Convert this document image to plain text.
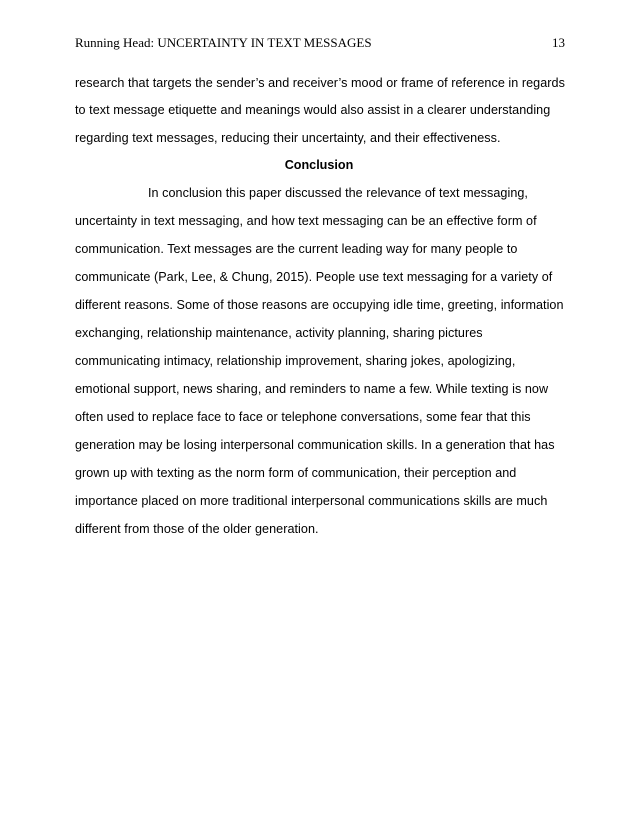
Running Head: UNCERTAINTY IN TEXT MESSAGES	13
research that targets the sender’s and receiver’s mood or frame of reference in regards
to text message etiquette and meanings would also assist in a clearer understanding
regarding text messages, reducing their uncertainty, and their effectiveness.
Conclusion
In conclusion this paper discussed the relevance of text messaging,
uncertainty in text messaging, and how text messaging can be an effective form of
communication. Text messages are the current leading way for many people to
communicate (Park, Lee, & Chung, 2015). People use text messaging for a variety of
different reasons. Some of those reasons are occupying idle time, greeting, information
exchanging, relationship maintenance, activity planning, sharing pictures
communicating intimacy, relationship improvement, sharing jokes, apologizing,
emotional support, news sharing, and reminders to name a few. While texting is now
often used to replace face to face or telephone conversations, some fear that this
generation may be losing interpersonal communication skills. In a generation that has
grown up with texting as the norm form of communication, their perception and
importance placed on more traditional interpersonal communications skills are much
different from those of the older generation.
